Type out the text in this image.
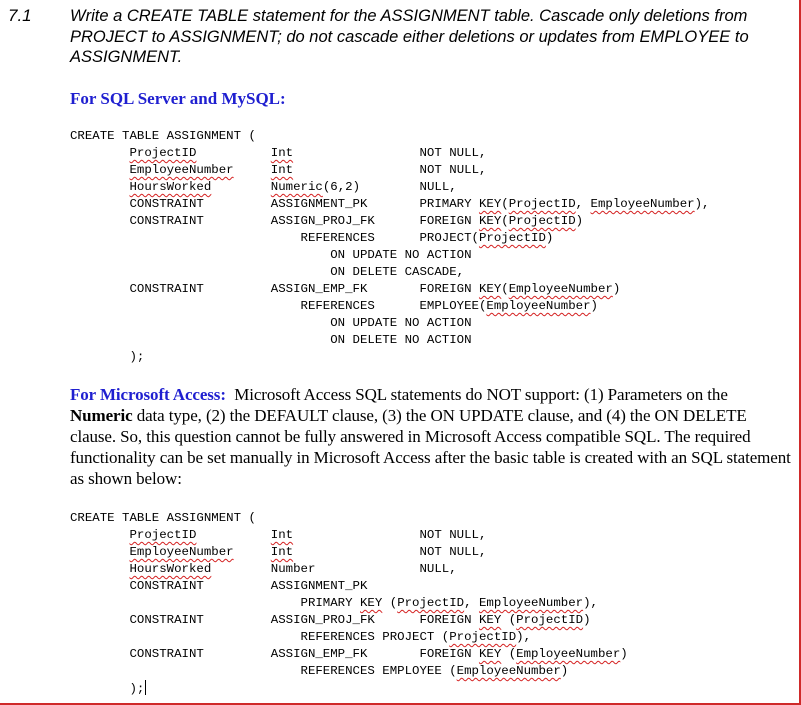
7.1 Write a CREATE TABLE statement for the ASSIGNMENT table. Cascade only deletions from PROJECT to ASSIGNMENT; do not cascade either deletions or updates from EMPLOYEE to ASSIGNMENT.
For SQL Server and MySQL:
CREATE TABLE ASSIGNMENT (
ProjectID	Int                 NOT NULL,
EmployeeNumber	Int                 NOT NULL,
HoursWorked	Numeric(6,2)        NULL,
CONSTRAINT         ASSIGNMENT_PK       PRIMARY KEY(ProjectID, EmployeeNumber),
CONSTRAINT         ASSIGN_PROJ_FK      FOREIGN KEY(ProjectID)
REFERENCES      PROJECT(ProjectID)
ON UPDATE NO ACTION
ON DELETE CASCADE,
CONSTRAINT         ASSIGN_EMP_FK       FOREIGN KEY(EmployeeNumber)
REFERENCES      EMPLOYEE(EmployeeNumber)
ON UPDATE NO ACTION
ON DELETE NO ACTION
);
For Microsoft Access: Microsoft Access SQL statements do NOT support: (1) Parameters on the Numeric data type, (2) the DEFAULT clause, (3) the ON UPDATE clause, and (4) the ON DELETE clause. So, this question cannot be fully answered in Microsoft Access compatible SQL. The required functionality can be set manually in Microsoft Access after the basic table is created with an SQL statement as shown below:
CREATE TABLE ASSIGNMENT (
ProjectID	Int                 NOT NULL,
EmployeeNumber	Int                 NOT NULL,
HoursWorked        Number              NULL,
CONSTRAINT         ASSIGNMENT_PK
PRIMARY KEY (ProjectID, EmployeeNumber),
CONSTRAINT         ASSIGN_PROJ_FK      FOREIGN KEY (ProjectID)
REFERENCES PROJECT (ProjectID),
CONSTRAINT         ASSIGN_EMP_FK       FOREIGN KEY (EmployeeNumber)
REFERENCES EMPLOYEE (EmployeeNumber)
);
